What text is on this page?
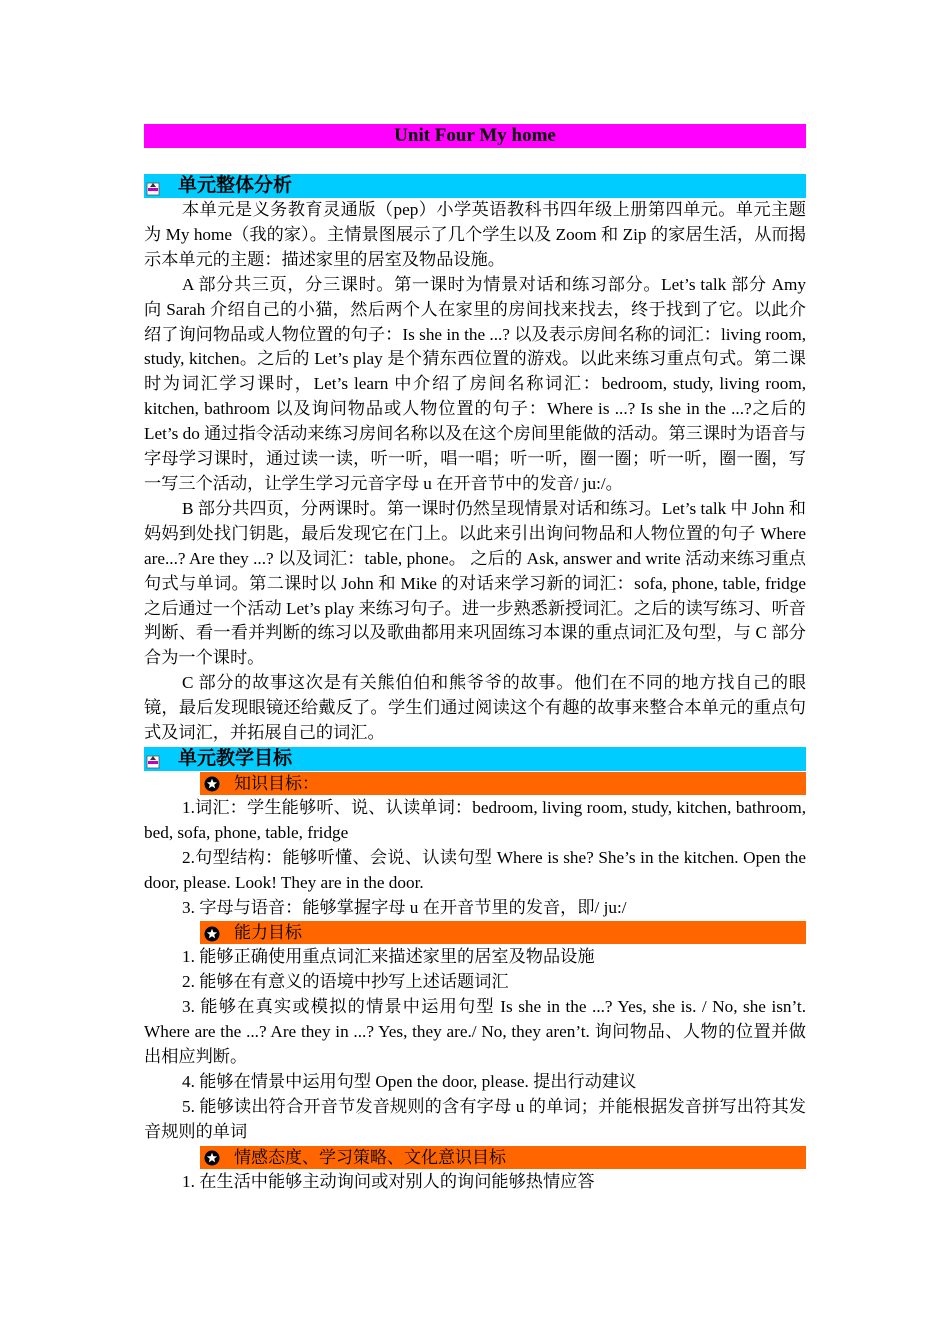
Unit Four My home
单元整体分析

本单元是义务教育灵通版（pep）小学英语教科书四年级上册第四单元。单元主题为 My home（我的家）。主情景图展示了几个学生以及 Zoom 和 Zip 的家居生活，从而揭示本单元的主题：描述家里的居室及物品设施。

A 部分共三页，分三课时。第一课时为情景对话和练习部分。Let’s talk 部分 Amy 向 Sarah 介绍自己的小猫，然后两个人在家里的房间找来找去，终于找到了它。以此介绍了询问物品或人物位置的句子：Is she in the ...? 以及表示房间名称的词汇：living room, study, kitchen。之后的 Let’s play 是个猜东西位置的游戏。以此来练习重点句式。第二课时为词汇学习课时，Let’s learn 中介绍了房间名称词汇：bedroom, study, living room, kitchen, bathroom 以及询问物品或人物位置的句子：Where is ...? Is she in the ...?之后的 Let’s do 通过指令活动来练习房间名称以及在这个房间里能做的活动。第三课时为语音与字母学习课时，通过读一读，听一听，唱一唱；听一听，圈一圈；听一听，圈一圈，写一写三个活动，让学生学习元音字母 u 在开音节中的发音/ ju:/。

B 部分共四页，分两课时。第一课时仍然呈现情景对话和练习。Let’s talk 中 John 和妈妈到处找门钥匙，最后发现它在门上。以此来引出询问物品和人物位置的句子 Where are...? Are they ...? 以及词汇：table, phone。 之后的 Ask, answer and write 活动来练习重点句式与单词。第二课时以 John 和 Mike 的对话来学习新的词汇：sofa, phone, table, fridge 之后通过一个活动 Let’s play 来练习句子。进一步熟悉新授词汇。之后的读写练习、听音判断、看一看并判断的练习以及歌曲都用来巩固练习本课的重点词汇及句型，与 C 部分合为一个课时。

C 部分的故事这次是有关熊伯伯和熊爷爷的故事。他们在不同的地方找自己的眼镜，最后发现眼镜还给戴反了。学生们通过阅读这个有趣的故事来整合本单元的重点句式及词汇，并拓展自己的词汇。

单元教学目标
知识目标：

1.词汇：学生能够听、说、认读单词：bedroom, living room, study, kitchen, bathroom, bed, sofa, phone, table, fridge

2.句型结构：能够听懂、会说、认读句型 Where is she? She’s in the kitchen. Open the door, please. Look! They are in the door.

3. 字母与语音：能够掌握字母 u 在开音节里的发音，即/ ju:/

能力目标

1. 能够正确使用重点词汇来描述家里的居室及物品设施

2. 能够在有意义的语境中抄写上述话题词汇

3. 能够在真实或模拟的情景中运用句型 Is she in the ...? Yes, she is. / No, she isn’t. Where are the ...? Are they in ...? Yes, they are./ No, they aren’t. 询问物品、人物的位置并做出相应判断。

4. 能够在情景中运用句型 Open the door, please. 提出行动建议

5. 能够读出符合开音节发音规则的含有字母 u 的单词；并能根据发音拼写出符其发音规则的单词

情感态度、学习策略、文化意识目标

1. 在生活中能够主动询问或对别人的询问能够热情应答
